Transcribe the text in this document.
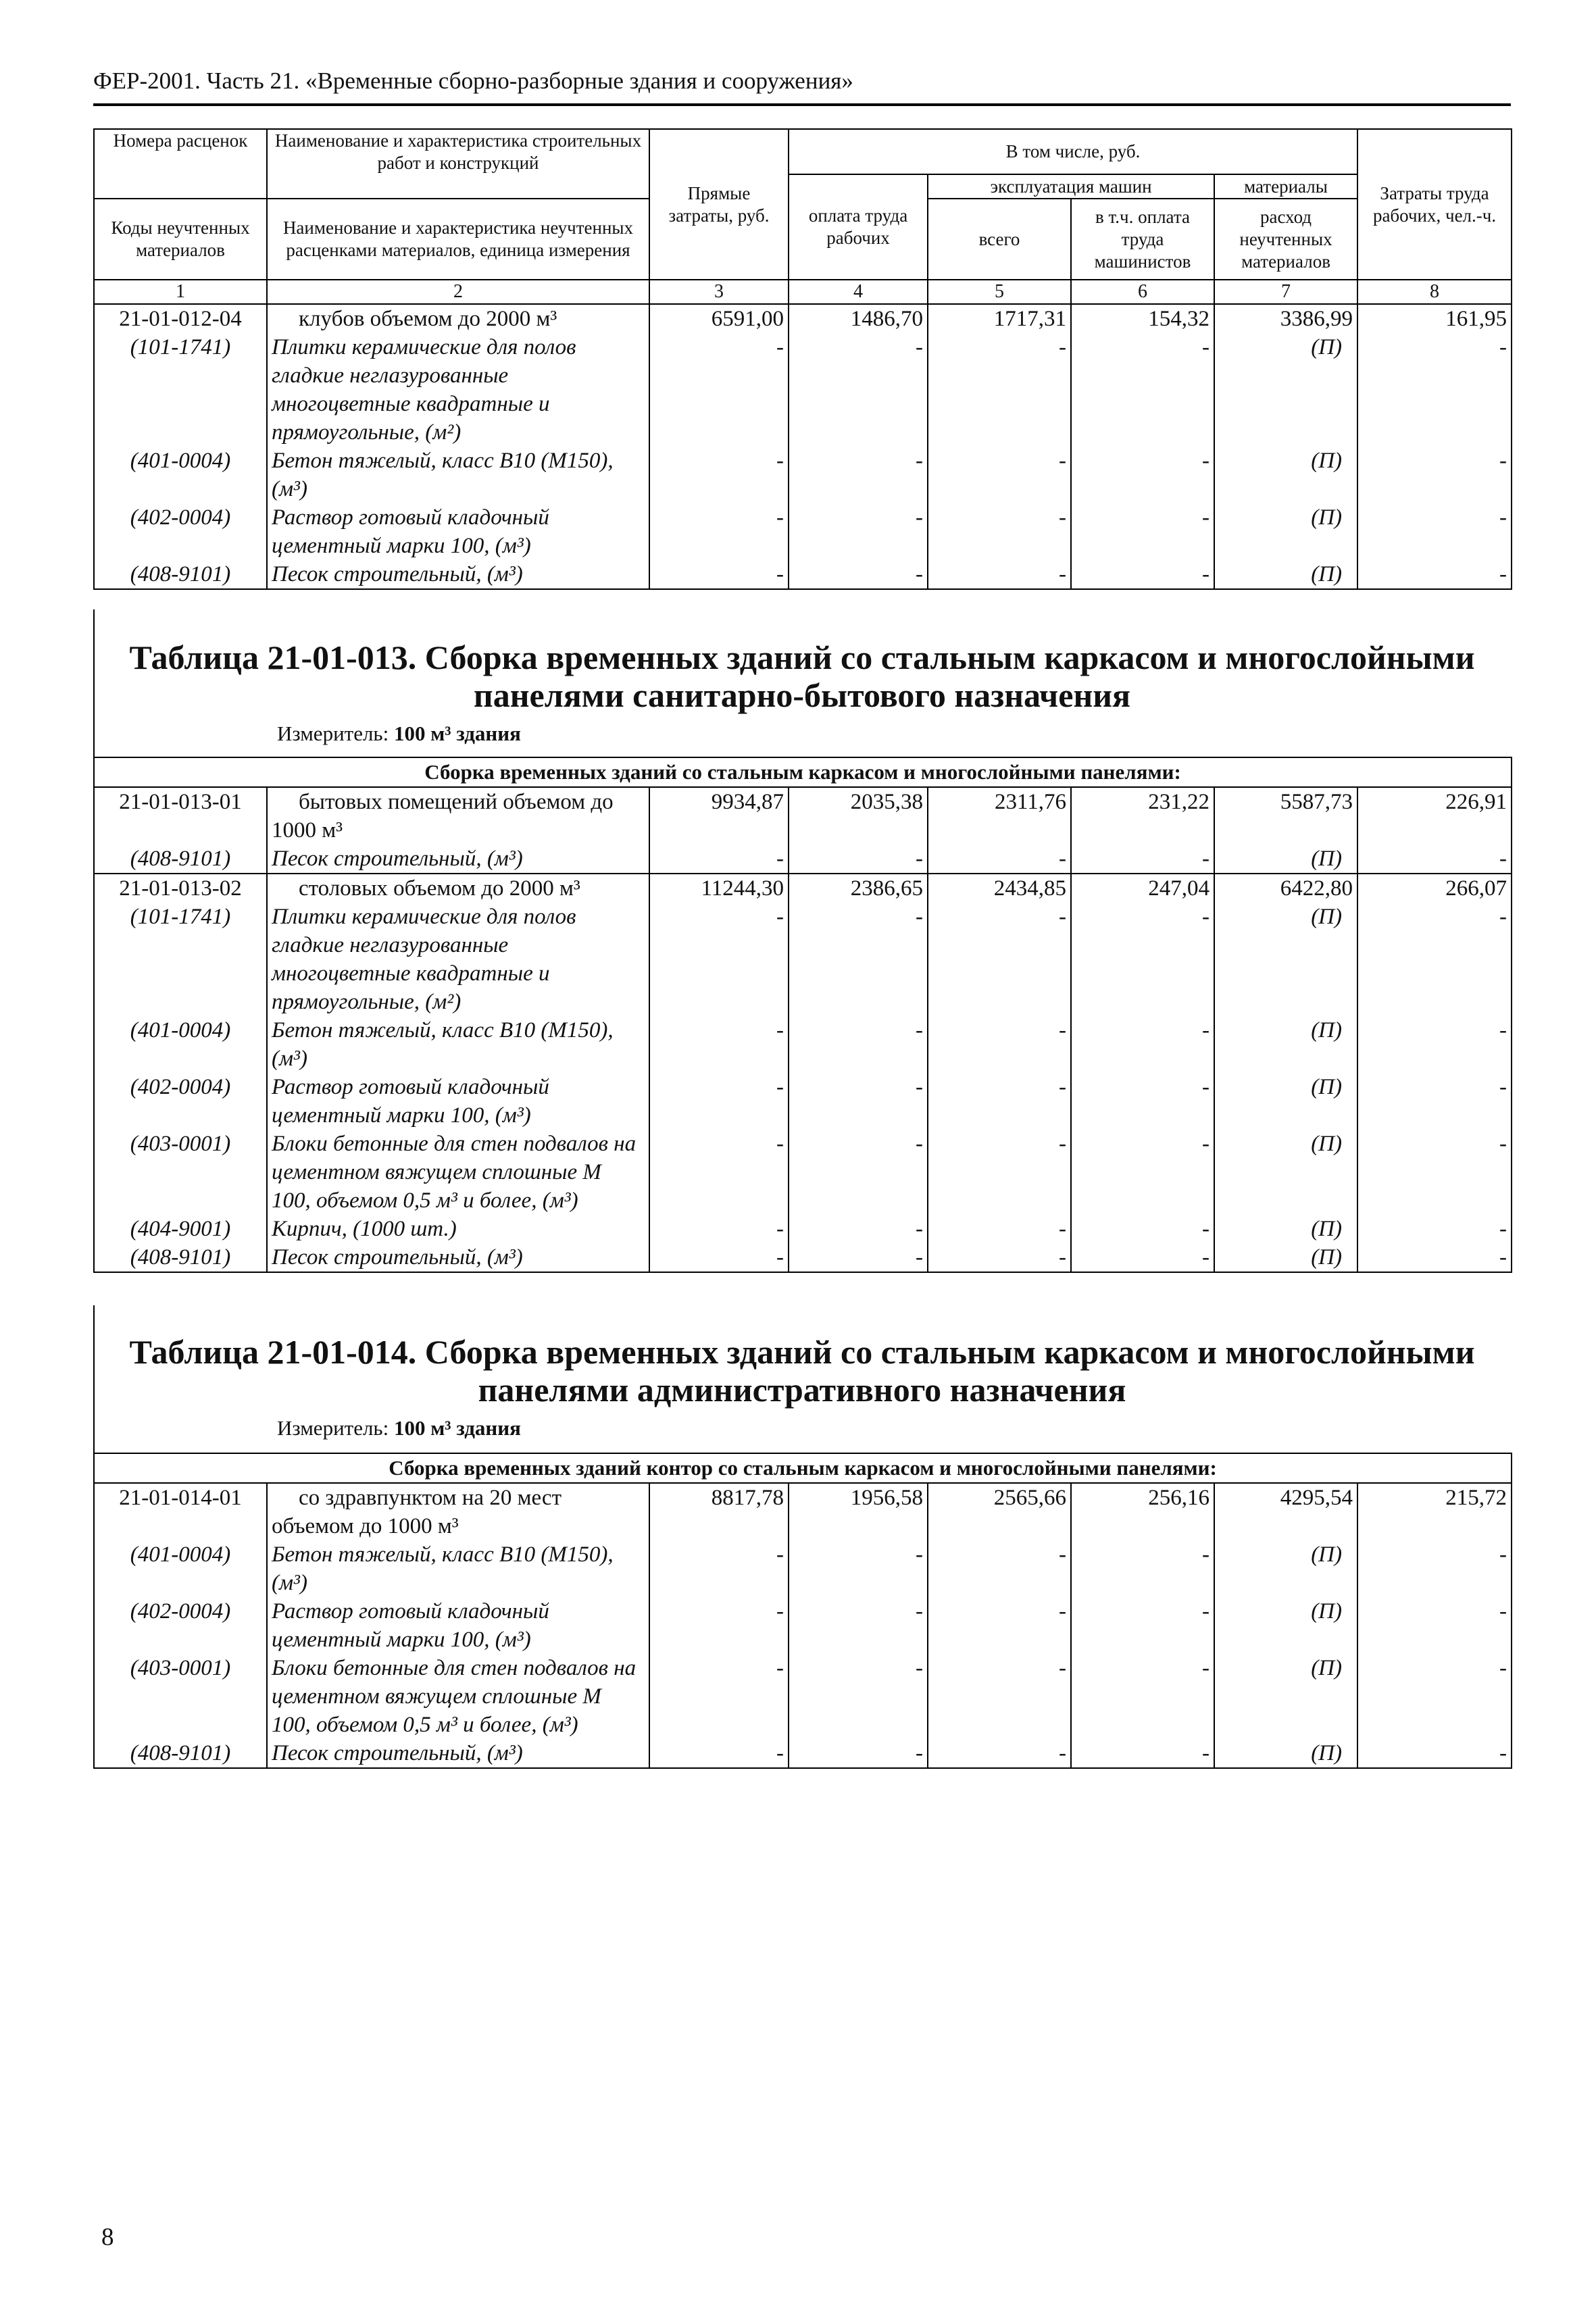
ФЕР-2001. Часть 21. «Временные сборно-разборные здания и сооружения»
Номера расценок	Наименование и характеристика строительных работ и конструкций	Прямые затраты, руб.	В том числе, руб.				Затраты труда рабочих, чел.-ч.
			оплата труда рабочих	эксплуатация машин		материалы	
Коды неучтенных материалов	Наименование и характеристика неучтенных расценками материалов, единица измерения			всего	в т.ч. оплата труда машинистов	расход неучтенных материалов	

1	2	3	4	5	6	7	8
21-01-012-04	клубов объемом до 2000 м³	6591,00	1486,70	1717,31	154,32	3386,99	161,95
(101-1741)	Плитки керамические для полов гладкие неглазурованные многоцветные квадратные и прямоугольные, (м²)	-	-	-	-	(П)	-
(401-0004)	Бетон тяжелый, класс В10 (М150), (м³)	-	-	-	-	(П)	-
(402-0004)	Раствор готовый кладочный цементный марки 100, (м³)	-	-	-	-	(П)	-
(408-9101)	Песок строительный, (м³)	-	-	-	-	(П)	-
Таблица 21-01-013. Сборка временных зданий со стальным каркасом и многослойными
панелями санитарно-бытового назначения
Измеритель: 100 м³ здания
Сборка временных зданий со стальным каркасом и многослойными панелями:							
21-01-013-01	бытовых помещений объемом до 1000 м³	9934,87	2035,38	2311,76	231,22	5587,73	226,91
(408-9101)	Песок строительный, (м³)	-	-	-	-	(П)	-
21-01-013-02	столовых объемом до 2000 м³	11244,30	2386,65	2434,85	247,04	6422,80	266,07
(101-1741)	Плитки керамические для полов гладкие неглазурованные многоцветные квадратные и прямоугольные, (м²)	-	-	-	-	(П)	-
(401-0004)	Бетон тяжелый, класс В10 (М150), (м³)	-	-	-	-	(П)	-
(402-0004)	Раствор готовый кладочный цементный марки 100, (м³)	-	-	-	-	(П)	-
(403-0001)	Блоки бетонные для стен подвалов на цементном вяжущем сплошные М 100, объемом 0,5 м³ и более, (м³)	-	-	-	-	(П)	-
(404-9001)	Кирпич, (1000 шт.)	-	-	-	-	(П)	-
(408-9101)	Песок строительный, (м³)	-	-	-	-	(П)	-
Таблица 21-01-014. Сборка временных зданий со стальным каркасом и многослойными
панелями административного назначения
Измеритель: 100 м³ здания
Сборка временных зданий контор со стальным каркасом и многослойными панелями:							
21-01-014-01	со здравпунктом на 20 мест объемом до 1000 м³	8817,78	1956,58	2565,66	256,16	4295,54	215,72
(401-0004)	Бетон тяжелый, класс В10 (М150), (м³)	-	-	-	-	(П)	-
(402-0004)	Раствор готовый кладочный цементный марки 100, (м³)	-	-	-	-	(П)	-
(403-0001)	Блоки бетонные для стен подвалов на цементном вяжущем сплошные М 100, объемом 0,5 м³ и более, (м³)	-	-	-	-	(П)	-
(408-9101)	Песок строительный, (м³)	-	-	-	-	(П)	-
8
